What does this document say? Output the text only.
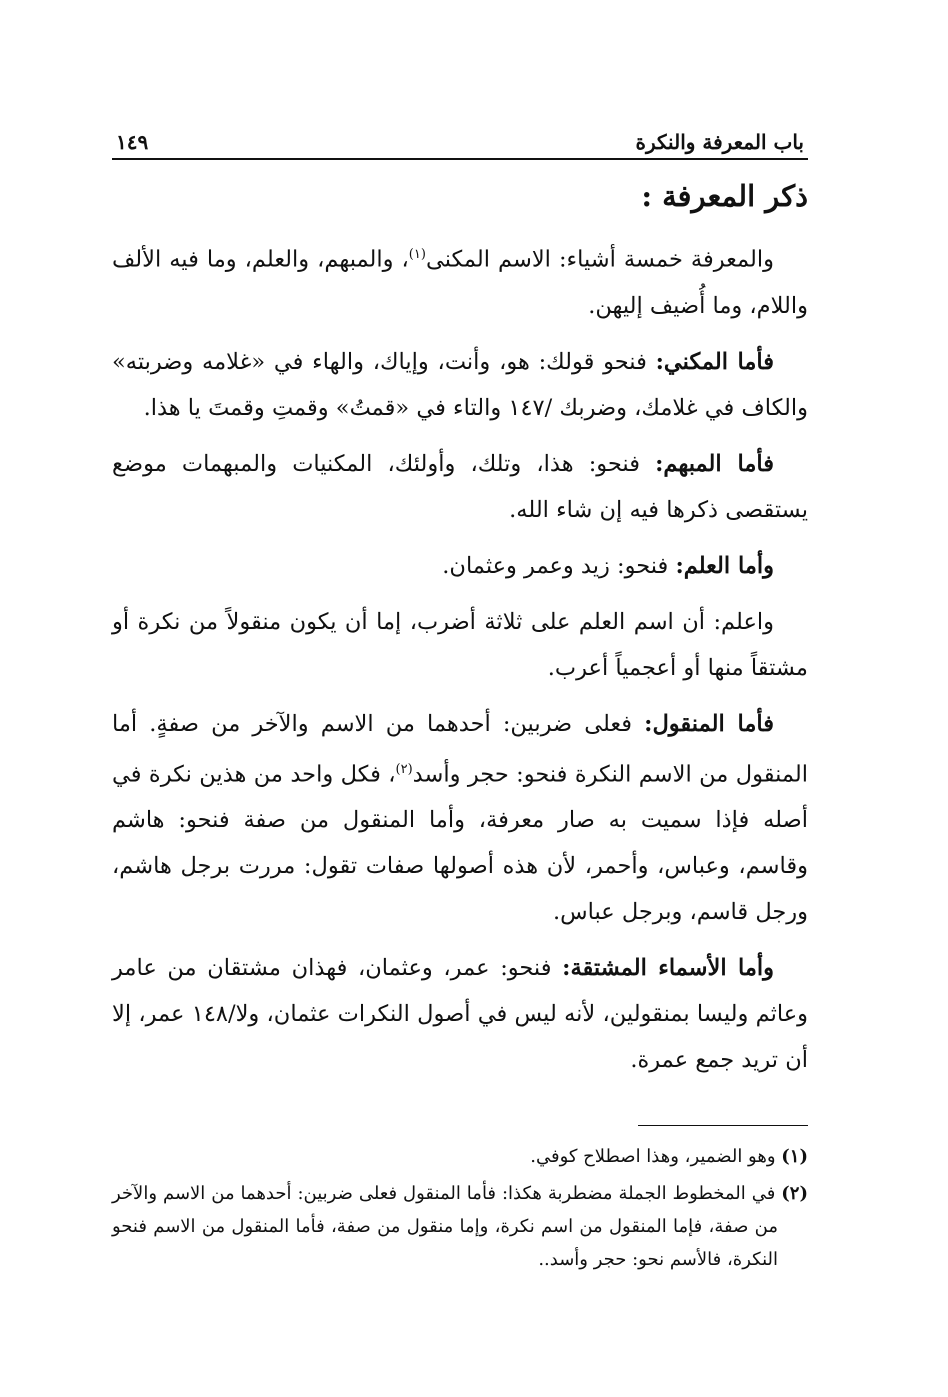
باب المعرفة والنكرة
١٤٩
ذكر المعرفة :

والمعرفة خمسة أشياء: الاسم المكنى$^{(١)}$، والمبهم، والعلم، وما فيه الألف واللام، وما أُضيف إليهن.

فأما المكني: فنحو قولك: هو، وأنت، وإياك، والهاء في «غلامه وضربته» والكاف في غلامك، وضربك /١٤٧ والتاء في «قمتُ» وقمتِ وقمتَ يا هذا.

فأما المبهم: فنحو: هذا، وتلك، وأولئك، المكنيات والمبهمات موضع يستقصى ذكرها فيه إن شاء الله.

وأما العلم: فنحو: زيد وعمر وعثمان.

واعلم: أن اسم العلم على ثلاثة أضرب، إما أن يكون منقولاً من نكرة أو مشتقاً منها أو أعجمياً أعرب.

فأما المنقول: فعلى ضربين: أحدهما من الاسم والآخر من صفةٍ. أما المنقول من الاسم النكرة فنحو: حجر وأسد$^{(٢)}$، فكل واحد من هذين نكرة في أصله فإذا سميت به صار معرفة، وأما المنقول من صفة فنحو: هاشم وقاسم، وعباس، وأحمر، لأن هذه أصولها صفات تقول: مررت برجل هاشم، ورجل قاسم، وبرجل عباس.

وأما الأسماء المشتقة: فنحو: عمر، وعثمان، فهذان مشتقان من عامر وعاثم وليسا بمنقولين، لأنه ليس في أصول النكرات عثمان، ولا/١٤٨ عمر، إلا أن تريد جمع عمرة.

(١) وهو الضمير، وهذا اصطلاح كوفي.

(٢) في المخطوط الجملة مضطربة هكذا: فأما المنقول فعلى ضربين: أحدهما من الاسم والآخر من صفة، فإما المنقول من اسم نكرة، وإما منقول من صفة، فأما المنقول من الاسم فنحو النكرة، فالأسم نحو: حجر وأسد..
